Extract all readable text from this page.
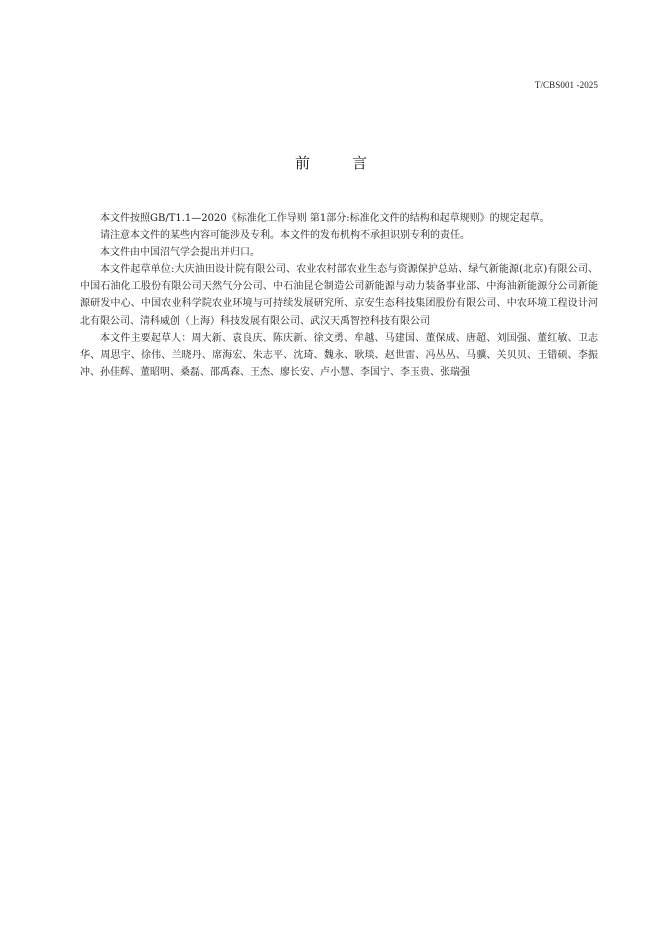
T/CBS001 -2025
前	言

本文件按照GB/T1.1—2020《标准化工作导则 第1部分:标准化文件的结构和起草规则》的规定起草。

请注意本文件的某些内容可能涉及专利。本文件的发布机构不承担识别专利的责任。

本文件由中国沼气学会提出并归口。

本文件起草单位:大庆油田设计院有限公司、农业农村部农业生态与资源保护总站、绿气新能源(北京)有限公司、中国石油化工股份有限公司天然气分公司、中石油昆仑制造公司新能源与动力装备事业部、中海油新能源分公司新能源研发中心、中国农业科学院农业环境与可持续发展研究所、京安生态科技集团股份有限公司、中农环境工程设计河北有限公司、清科威创（上海）科技发展有限公司、武汉天禹智控科技有限公司

本文件主要起草人：周大新、袁良庆、陈庆新、徐文勇、牟越、马建国、董保成、唐超、刘国强、董红敏、卫志华、周思宇、徐伟、兰晓丹、席海宏、朱志平、沈琦、魏永、耿琰、赵世雷、冯丛丛、马骥、关贝贝、王错硕、李振冲、孙佳辉、董昭明、桑磊、邵禹森、王杰、廖长安、卢小慧、李国宁、李玉贵、张瑞强
